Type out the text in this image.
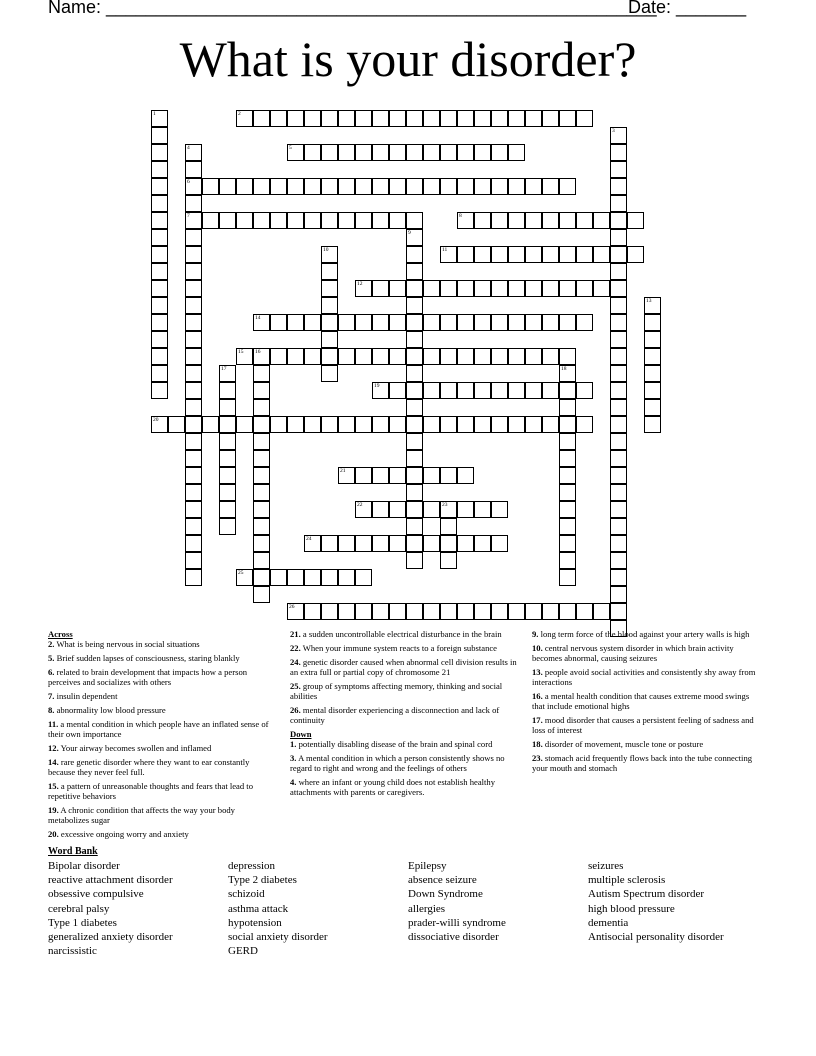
Name: _______________________________________________________
Date: _______
What is your disorder?
1	2
3
4
6
7
5
8
9
10	11
12
13
14
15 16
17	18
19
20
21
22	23
24
25
26

Across

2. What is being nervous in social situations

5. Brief sudden lapses of consciousness, staring blankly

6. related to brain development that impacts how a person perceives and socializes with others

7. insulin dependent

8. abnormality low blood pressure

11. a mental condition in which people have an inflated sense of their own importance

12. Your airway becomes swollen and inflamed

14. rare genetic disorder where they want to ear constantly because they never feel full.

15. a pattern of unreasonable thoughts and fears that lead to repetitive behaviors

19. A chronic condition that affects the way your body metabolizes sugar

20. excessive ongoing worry and anxiety

21. a sudden uncontrollable electrical disturbance in the brain

22. When your immune system reacts to a foreign substance

24. genetic disorder caused when abnormal cell division results in an extra full or partial copy of chromosome 21

25. group of symptoms affecting memory, thinking and social abilities

26. mental disorder experiencing a disconnection and lack of continuity

Down

1. potentially disabling disease of the brain and spinal cord

3. A mental condition in which a person consistently shows no regard to right and wrong and the feelings of others

4. where an infant or young child does not establish healthy attachments with parents or caregivers.

9. long term force of the blood against your artery walls is high

10. central nervous system disorder in which brain activity becomes abnormal, causing seizures

13. people avoid social activities and consistently shy away from interactions

16. a mental health condition that causes extreme mood swings that include emotional highs

17. mood disorder that causes a persistent feeling of sadness and loss of interest

18. disorder of movement, muscle tone or posture

23. stomach acid frequently flows back into the tube connecting your mouth and stomach

Word Bank
Bipolar disorder
reactive attachment disorder
obsessive compulsive
cerebral palsy
Type 1 diabetes
generalized anxiety disorder
narcissistic
depression
Type 2 diabetes
schizoid
asthma attack
hypotension
social anxiety disorder
GERD
Epilepsy
absence seizure
Down Syndrome
allergies
prader-willi syndrome
dissociative disorder
seizures
multiple sclerosis
Autism Spectrum disorder
high blood pressure
dementia
Antisocial personality disorder
